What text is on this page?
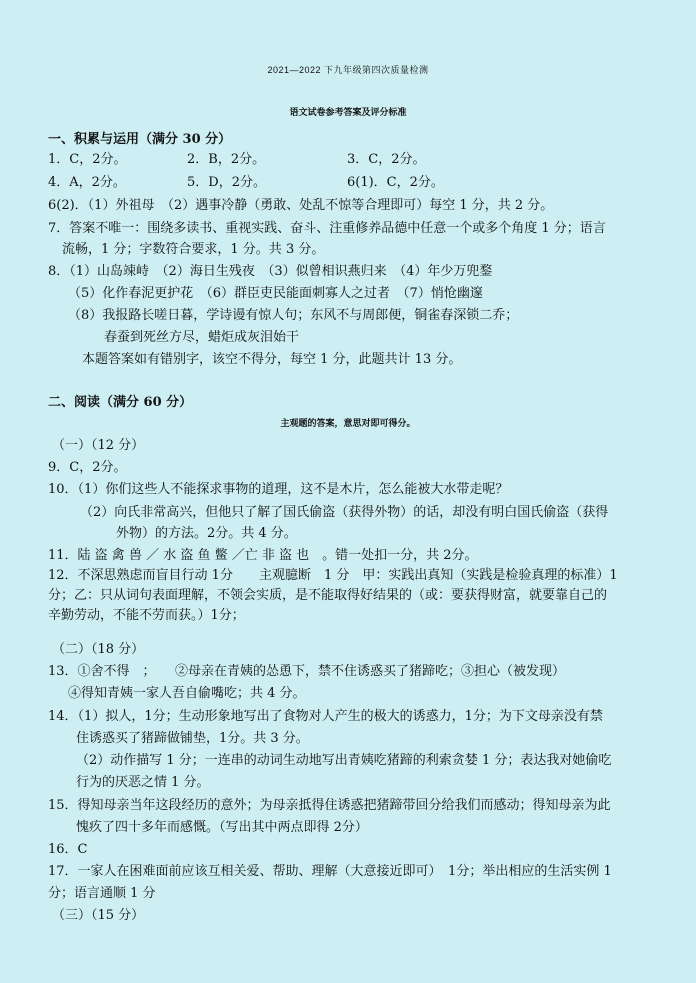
2021—2022 下九年级第四次质量检测
语文试卷参考答案及评分标准
一、积累与运用（满分 30 分）
1．C，2分。	2．B，2分。	3．C，2分。
4．A，2分。	5．D，2分。	6(1)．C，2分。
6(2)．（1）外祖母　（2）遇事冷静（勇敢、处乱不惊等合理即可）每空 1 分，共 2 分。
7．答案不唯一：围绕多读书、重视实践、奋斗、注重修养品德中任意一个或多个角度 1 分；语言
流畅，1 分；字数符合要求，1 分。共 3 分。
8．（1）山岛竦峙　（2）海日生残夜　（3）似曾相识燕归来　（4）年少万兜鍪
（5）化作春泥更护花　（6）群臣吏民能面刺寡人之过者　（7）悄怆幽邃
（8）我报路长嗟日暮，学诗谩有惊人句；东风不与周郎便，铜雀春深锁二乔；
春蚕到死丝方尽，蜡炬成灰泪始干
本题答案如有错别字，该空不得分，每空 1 分，此题共计 13 分。
二、阅读（满分 60 分）
主观题的答案，意思对即可得分。
（一）（12 分）
9．C，2分。
10．（1）你们这些人不能探求事物的道理，这不是木片，怎么能被大水带走呢？
（2）向氏非常高兴，但他只了解了国氏偷盗（获得外物）的话，却没有明白国氏偷盗（获得
外物）的方法。2分。共 4 分。
11．陆 盗 禽 兽 ／ 水 盗 鱼 鳖 ／亡 非 盗 也　。错一处扣一分，共 2分。
12．不深思熟虑而盲目行动 1分　　主观臆断　1 分　甲：实践出真知（实践是检验真理的标准）1
分；乙：只从词句表面理解，不领会实质，是不能取得好结果的（或：要获得财富，就要靠自己的
辛勤劳动，不能不劳而获。）1分；
（二）（18 分）
13．①舍不得　；　　②母亲在青姨的怂恿下，禁不住诱惑买了猪蹄吃；③担心（被发现）
④得知青姨一家人吾自偷嘴吃；共 4 分。
14．（1）拟人，1分；生动形象地写出了食物对人产生的极大的诱惑力，1分；为下文母亲没有禁
住诱惑买了猪蹄做铺垫，1分。共 3 分。
（2）动作描写 1 分；一连串的动词生动地写出青姨吃猪蹄的利索贪婪 1 分；表达我对她偷吃
行为的厌恶之情 1 分。
15．得知母亲当年这段经历的意外；为母亲抵得住诱惑把猪蹄带回分给我们而感动；得知母亲为此
愧疚了四十多年而感慨。（写出其中两点即得 2分）
16．C
17．一家人在困难面前应该互相关爱、帮助、理解（大意接近即可）　1分；举出相应的生活实例 1
分；语言通顺 1 分
（三）（15 分）
